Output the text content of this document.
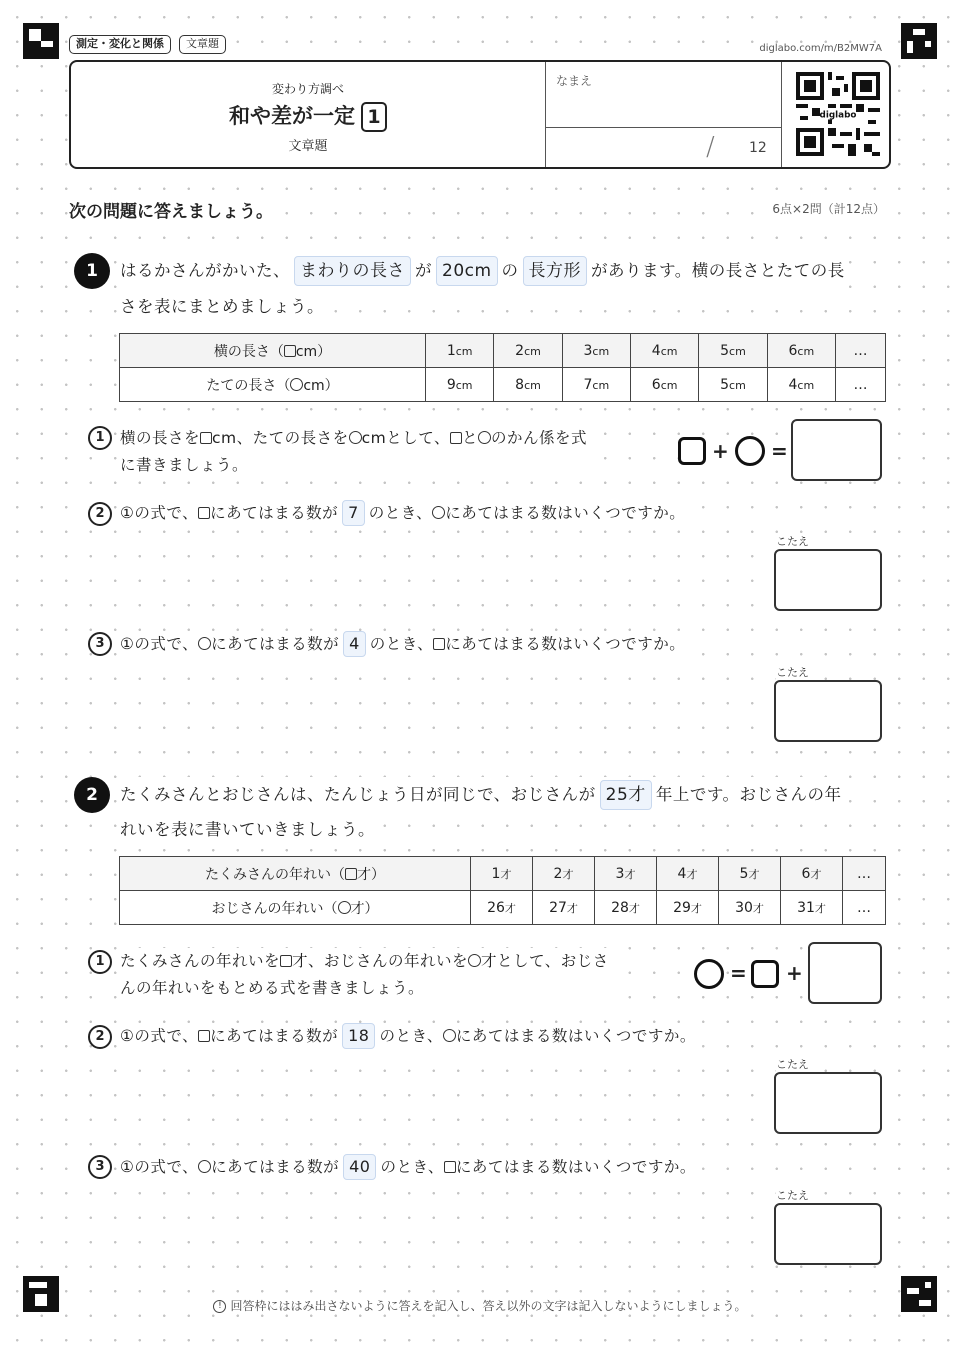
測定・変化と関係	文章題	diglabo.com/m/B2MW7A
変わり方調べ
和や差が一定 1
文章題
なまえ
/ 12
diglabo
次の問題に答えましょう。	6点×2問（計12点）
1	はるかさんがかいた、 まわりの長さ が 20cm の 長方形 があります。横の長さとたての長
さを表にまとめましょう。
横の長さ（ cm）	1cm	2cm	3cm	4cm	5cm	6cm	…
たての長さ（ cm）	9cm	8cm	7cm	6cm	5cm	4cm	…
1 横の長さを cm、たての長さを cmとして、 と のかん係を式
に書きましょう。
+ =
2 ①の式で、 にあてはまる数が 7 のとき、 にあてはまる数はいくつですか。
こたえ
3 ①の式で、 にあてはまる数が 4 のとき、 にあてはまる数はいくつですか。
こたえ
2	たくみさんとおじさんは、たんじょう日が同じで、おじさんが 25才 年上です。おじさんの年
れいを表に書いていきましょう。
たくみさんの年れい（ 才）	1才	2才	3才	4才	5才	6才	…
おじさんの年れい（ 才）	26才	27才	28才	29才	30才	31才	…
1 たくみさんの年れいを 才、おじさんの年れいを 才として、おじさ
んの年れいをもとめる式を書きましょう。
= +
2 ①の式で、 にあてはまる数が 18 のとき、 にあてはまる数はいくつですか。
こたえ
3 ①の式で、 にあてはまる数が 40 のとき、 にあてはまる数はいくつですか。
こたえ
! 回答枠にははみ出さないように答えを記入し、答え以外の文字は記入しないようにしましょう。
